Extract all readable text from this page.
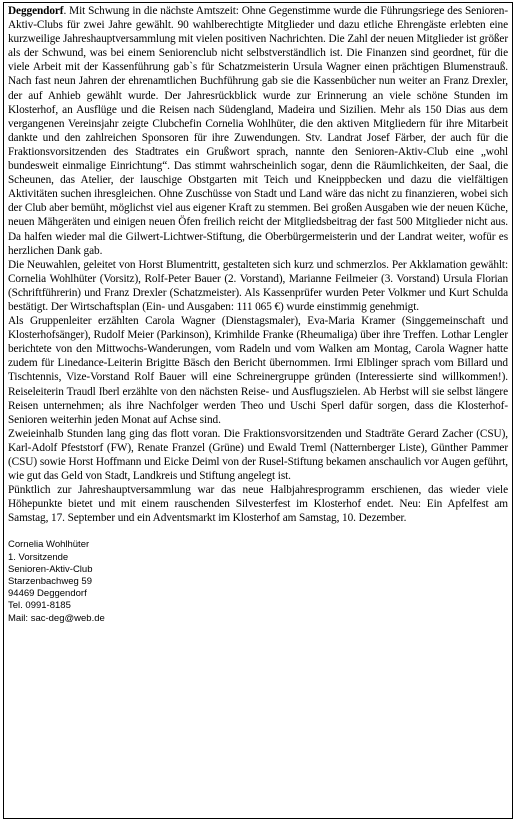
Deggendorf. Mit Schwung in die nächste Amtszeit: Ohne Gegenstimme wurde die Führungsriege des Senioren-Aktiv-Clubs für zwei Jahre gewählt. 90 wahlberechtigte Mitglieder und dazu etliche Ehrengäste erlebten eine kurzweilige Jahreshauptversammlung mit vielen positiven Nachrichten. Die Zahl der neuen Mitglieder ist größer als der Schwund, was bei einem Seniorenclub nicht selbstverständlich ist. Die Finanzen sind geordnet, für die viele Arbeit mit der Kassenführung gab`s für Schatzmeisterin Ursula Wagner einen prächtigen Blumenstrauß. Nach fast neun Jahren der ehrenamtlichen Buchführung gab sie die Kassenbücher nun weiter an Franz Drexler, der auf Anhieb gewählt wurde. Der Jahresrückblick wurde zur Erinnerung an viele schöne Stunden im Klosterhof, an Ausflüge und die Reisen nach Südengland, Madeira und Sizilien. Mehr als 150 Dias aus dem vergangenen Vereinsjahr zeigte Clubchefin Cornelia Wohlhüter, die den aktiven Mitgliedern für ihre Mitarbeit dankte und den zahlreichen Sponsoren für ihre Zuwendungen. Stv. Landrat Josef Färber, der auch für die Fraktionsvorsitzenden des Stadtrates ein Grußwort sprach, nannte den Senioren-Aktiv-Club eine „wohl bundesweit einmalige Einrichtung“. Das stimmt wahrscheinlich sogar, denn die Räumlichkeiten, der Saal, die Scheunen, das Atelier, der lauschige Obstgarten mit Teich und Kneippbecken und dazu die vielfältigen Aktivitäten suchen ihresgleichen. Ohne Zuschüsse von Stadt und Land wäre das nicht zu finanzieren, wobei sich der Club aber bemüht, möglichst viel aus eigener Kraft zu stemmen. Bei großen Ausgaben wie der neuen Küche, neuen Mähgeräten und einigen neuen Öfen freilich reicht der Mitgliedsbeitrag der fast 500 Mitglieder nicht aus. Da halfen wieder mal die Gilwert-Lichtwer-Stiftung, die Oberbürgermeisterin und der Landrat weiter, wofür es herzlichen Dank gab.

Die Neuwahlen, geleitet von Horst Blumentritt, gestalteten sich kurz und schmerzlos. Per Akklamation gewählt: Cornelia Wohlhüter (Vorsitz), Rolf-Peter Bauer (2. Vorstand), Marianne Feilmeier (3. Vorstand) Ursula Florian (Schriftführerin) und Franz Drexler (Schatzmeister). Als Kassenprüfer wurden Peter Volkmer und Kurt Schulda bestätigt. Der Wirtschaftsplan (Ein- und Ausgaben: 111 065 €) wurde einstimmig genehmigt.

Als Gruppenleiter erzählten Carola Wagner (Dienstagsmaler), Eva-Maria Kramer (Singgemeinschaft und Klosterhofsänger), Rudolf Meier (Parkinson), Krimhilde Franke (Rheumaliga) über ihre Treffen. Lothar Lengler berichtete von den Mittwochs-Wanderungen, vom Radeln und vom Walken am Montag, Carola Wagner hatte zudem für Linedance-Leiterin Brigitte Bäsch den Bericht übernommen. Irmi Elblinger sprach vom Billard und Tischtennis, Vize-Vorstand Rolf Bauer will eine Schreinergruppe gründen (Interessierte sind willkommen!). Reiseleiterin Traudl Iberl erzählte von den nächsten Reise- und Ausflugszielen. Ab Herbst will sie selbst längere Reisen unternehmen; als ihre Nachfolger werden Theo und Uschi Sperl dafür sorgen, dass die Klosterhof-Senioren weiterhin jeden Monat auf Achse sind.

Zweieinhalb Stunden lang ging das flott voran. Die Fraktionsvorsitzenden und Stadträte Gerard Zacher (CSU), Karl-Adolf Pfeststorf (FW), Renate Franzel (Grüne) und Ewald Treml (Natternberger Liste), Günther Pammer (CSU) sowie Horst Hoffmann und Eicke Deiml von der Rusel-Stiftung bekamen anschaulich vor Augen geführt, wie gut das Geld von Stadt, Landkreis und Stiftung angelegt ist.

Pünktlich zur Jahreshauptversammlung war das neue Halbjahresprogramm erschienen, das wieder viele Höhepunkte bietet und mit einem rauschenden Silvesterfest im Klosterhof endet. Neu: Ein Apfelfest am Samstag, 17. September und ein Adventsmarkt im Klosterhof am Samstag, 10. Dezember.

Cornelia Wohlhüter
1. Vorsitzende
Senioren-Aktiv-Club
Starzenbachweg 59
94469 Deggendorf
Tel. 0991-8185
Mail: sac-deg@web.de
